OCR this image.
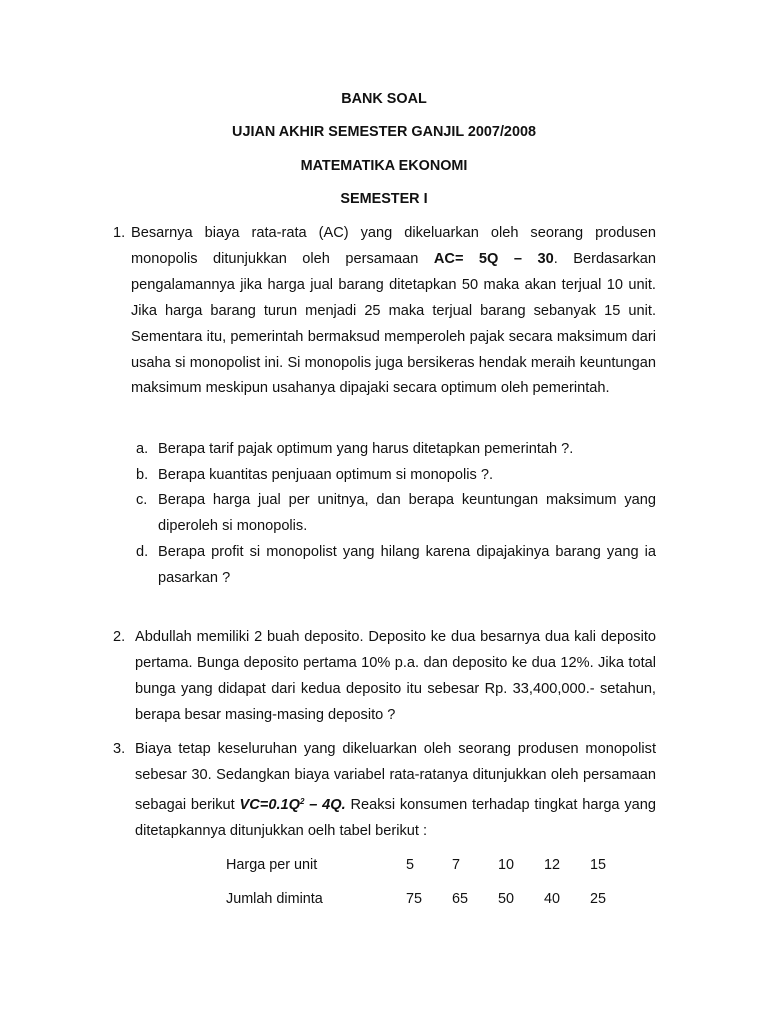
BANK SOAL
UJIAN AKHIR SEMESTER GANJIL 2007/2008
MATEMATIKA EKONOMI
SEMESTER I
1. Besarnya biaya rata-rata (AC) yang dikeluarkan oleh seorang produsen monopolis ditunjukkan oleh persamaan AC= 5Q – 30. Berdasarkan pengalamannya jika harga jual barang ditetapkan 50 maka akan terjual 10 unit. Jika harga barang turun menjadi 25 maka terjual barang sebanyak 15 unit. Sementara itu, pemerintah bermaksud memperoleh pajak secara maksimum dari usaha si monopolist ini. Si monopolis juga bersikeras hendak meraih keuntungan maksimum meskipun usahanya dipajaki secara optimum oleh pemerintah.
a. Berapa tarif pajak optimum yang harus ditetapkan pemerintah ?.
b. Berapa kuantitas penjuaan optimum si monopolis ?.
c. Berapa harga jual per unitnya, dan berapa keuntungan maksimum yang diperoleh si monopolis.
d. Berapa profit si monopolist yang hilang karena dipajakinya barang yang ia pasarkan ?
2. Abdullah memiliki 2 buah deposito. Deposito ke dua besarnya dua kali deposito pertama. Bunga deposito pertama 10% p.a. dan deposito ke dua 12%. Jika total bunga yang didapat dari kedua deposito itu sebesar Rp. 33,400,000.- setahun, berapa besar masing-masing deposito ?
3. Biaya tetap keseluruhan yang dikeluarkan oleh seorang produsen monopolist sebesar 30. Sedangkan biaya variabel rata-ratanya ditunjukkan oleh persamaan sebagai berikut $VC=0.1Q^2 - 4Q$. Reaksi konsumen terhadap tingkat harga yang ditetapkannya ditunjukkan oelh tabel berikut :
Harga per unit	5	7	10	12	15
Jumlah diminta	75	65	50	40	25
